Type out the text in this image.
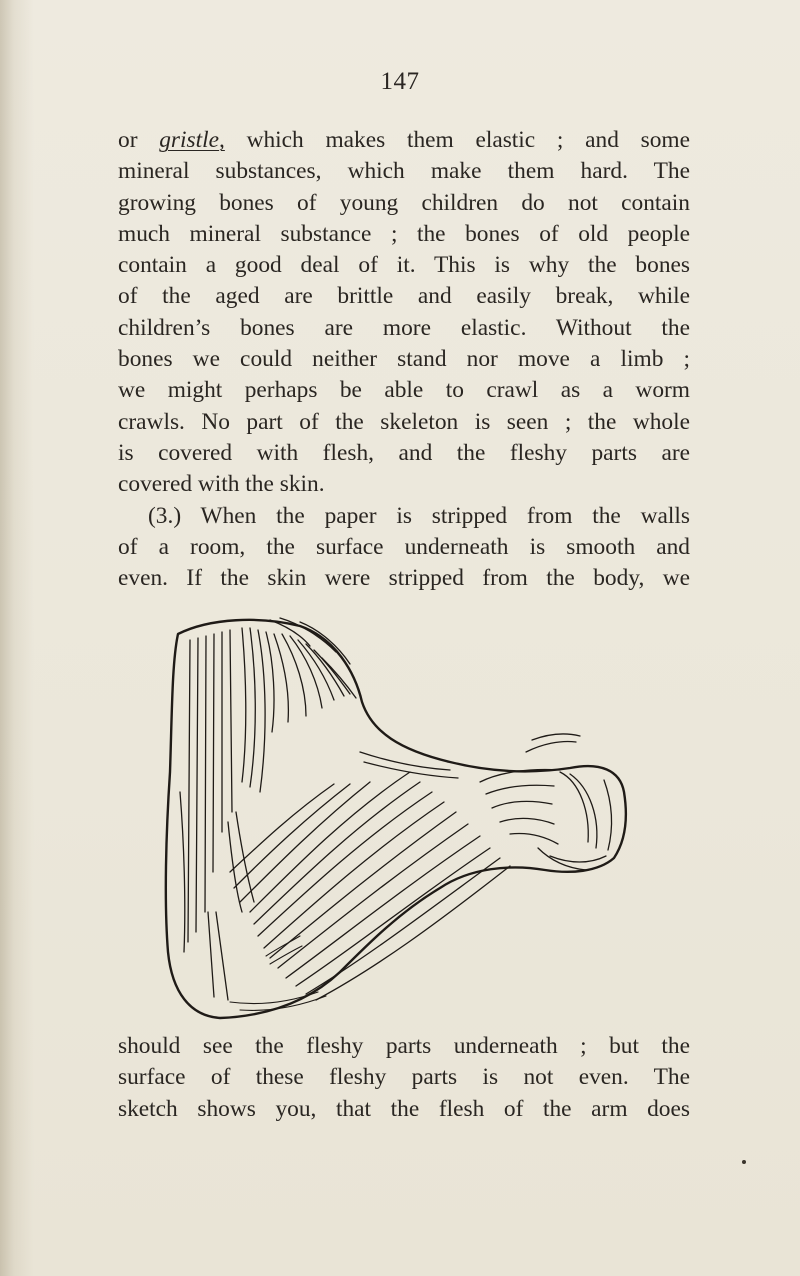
147
or gristle, which makes them elastic ; and some
mineral substances, which make them hard. The
growing bones of young children do not contain
much mineral substance ; the bones of old people
contain a good deal of it. This is why the bones
of the aged are brittle and easily break, while
children’s bones are more elastic. Without the
bones we could neither stand nor move a limb ;
we might perhaps be able to crawl as a worm
crawls. No part of the skeleton is seen ; the whole
is covered with flesh, and the fleshy parts are
covered with the skin.
(3.) When the paper is stripped from the walls
of a room, the surface underneath is smooth and
even. If the skin were stripped from the body, we
should see the fleshy parts underneath ; but the
surface of these fleshy parts is not even. The
sketch shows you, that the flesh of the arm does
